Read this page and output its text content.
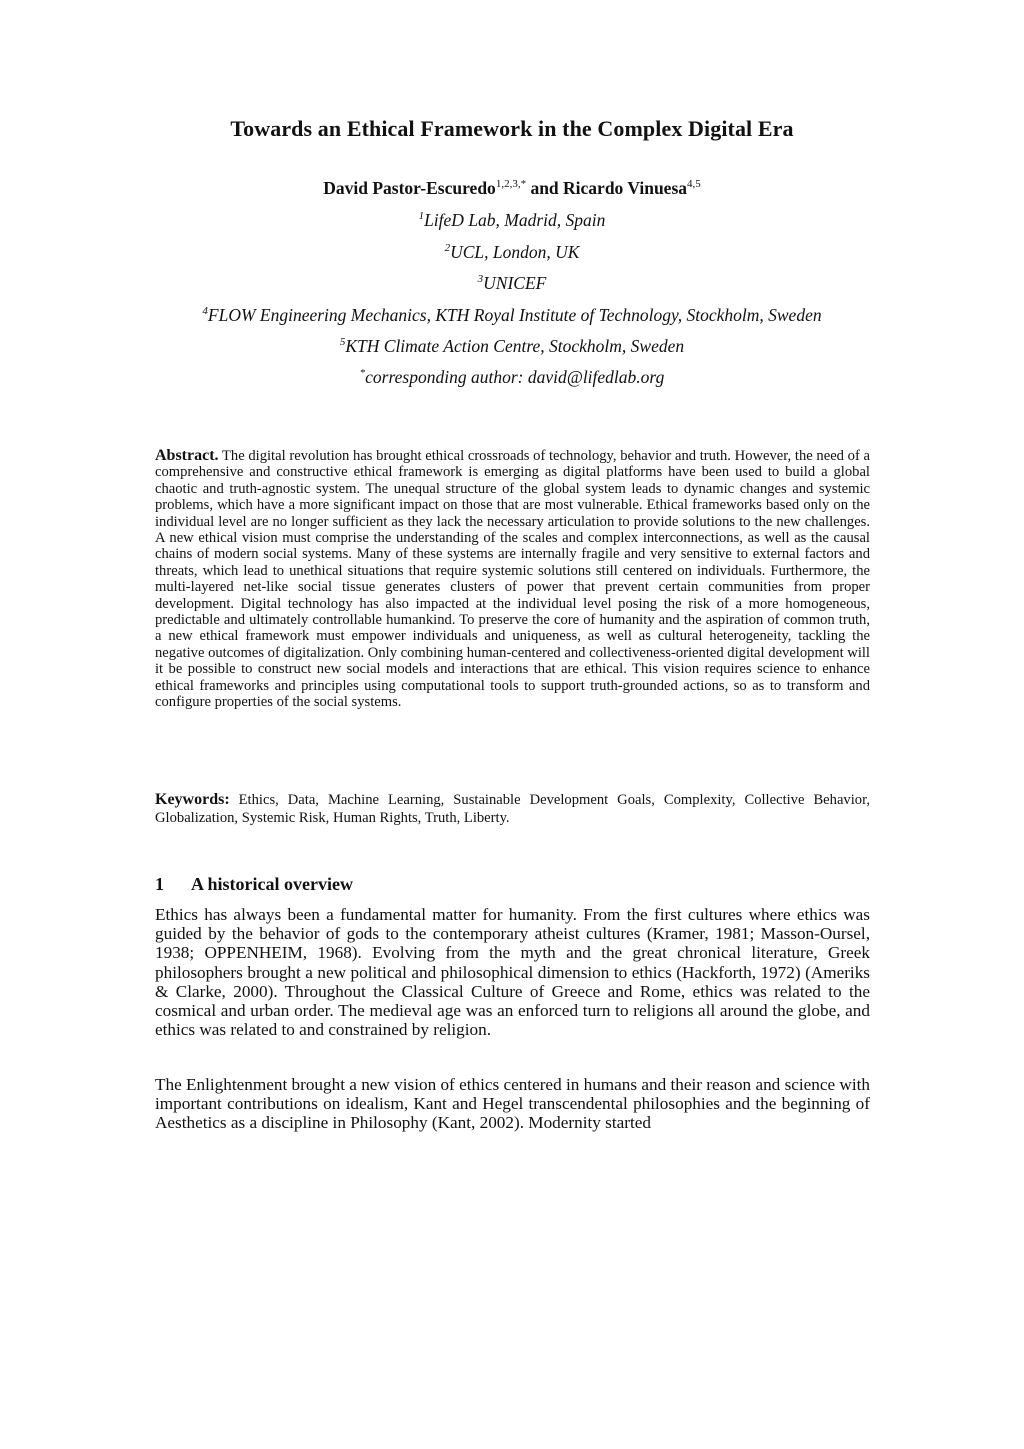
Towards an Ethical Framework in the Complex Digital Era
David Pastor-Escuredo$^{1,2,3,*}$ and Ricardo Vinuesa$^{4,5}$
$^1$LifeD Lab, Madrid, Spain
$^2$UCL, London, UK
$^3$UNICEF
$^4$FLOW Engineering Mechanics, KTH Royal Institute of Technology, Stockholm, Sweden
$^5$KTH Climate Action Centre, Stockholm, Sweden
*corresponding author: david@lifedlab.org
Abstract. The digital revolution has brought ethical crossroads of technology, behavior and truth. However, the need of a comprehensive and constructive ethical framework is emerging as digital platforms have been used to build a global chaotic and truth-agnostic system. The unequal structure of the global system leads to dynamic changes and systemic problems, which have a more significant impact on those that are most vulnerable. Ethical frameworks based only on the individual level are no longer sufficient as they lack the necessary articulation to provide solutions to the new challenges. A new ethical vision must comprise the understanding of the scales and complex interconnections, as well as the causal chains of modern social systems. Many of these systems are internally fragile and very sensitive to external factors and threats, which lead to unethical situations that require systemic solutions still centered on individuals. Furthermore, the multi-layered net-like social tissue generates clusters of power that prevent certain communities from proper development. Digital technology has also impacted at the individual level posing the risk of a more homogeneous, predictable and ultimately controllable humankind. To preserve the core of humanity and the aspiration of common truth, a new ethical framework must empower individuals and uniqueness, as well as cultural heterogeneity, tackling the negative outcomes of digitalization. Only combining human-centered and collectiveness-oriented digital development will it be possible to construct new social models and interactions that are ethical. This vision requires science to enhance ethical frameworks and principles using computational tools to support truth-grounded actions, so as to transform and configure properties of the social systems.
Keywords: Ethics, Data, Machine Learning, Sustainable Development Goals, Complexity, Collective Behavior, Globalization, Systemic Risk, Human Rights, Truth, Liberty.
1 A historical overview
Ethics has always been a fundamental matter for humanity. From the first cultures where ethics was guided by the behavior of gods to the contemporary atheist cultures (Kramer, 1981; Masson-Oursel, 1938; OPPENHEIM, 1968). Evolving from the myth and the great chronical literature, Greek philosophers brought a new political and philosophical dimension to ethics (Hackforth, 1972) (Ameriks & Clarke, 2000). Throughout the Classical Culture of Greece and Rome, ethics was related to the cosmical and urban order. The medieval age was an enforced turn to religions all around the globe, and ethics was related to and constrained by religion.
The Enlightenment brought a new vision of ethics centered in humans and their reason and science with important contributions on idealism, Kant and Hegel transcendental philosophies and the beginning of Aesthetics as a discipline in Philosophy (Kant, 2002). Modernity started
